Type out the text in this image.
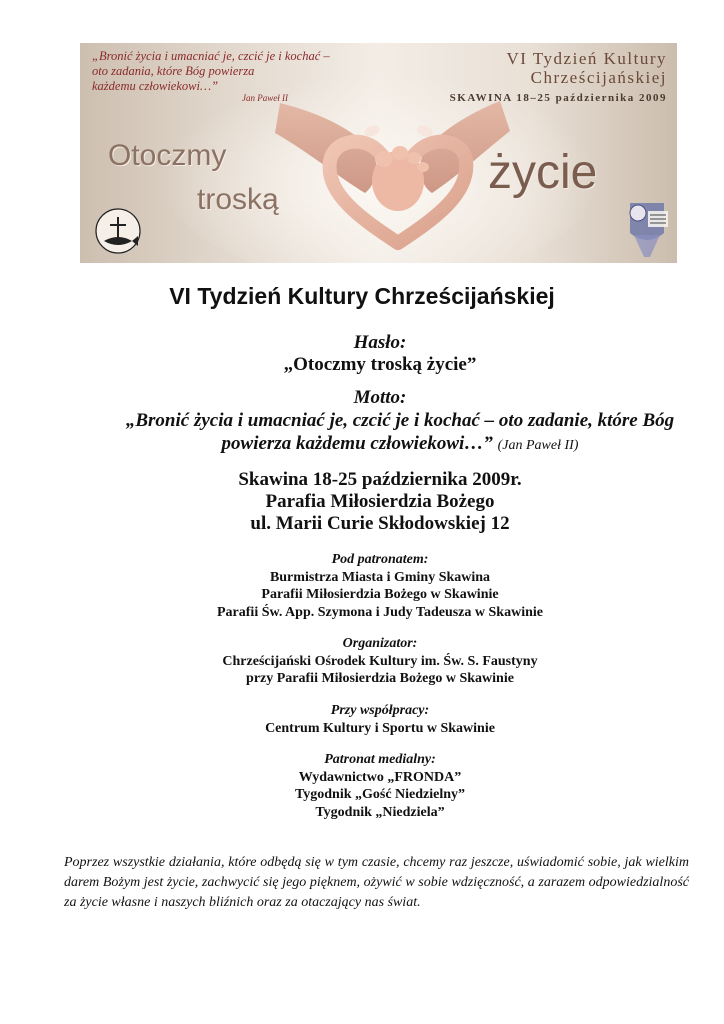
„Bronić życia i umacniać je, czcić je i kochać –
oto zadania, które Bóg powierza
każdemu człowiekowi…”
Jan Paweł II
VI Tydzień Kultury
Chrześcijańskiej
SKAWINA 18–25 października 2009
Otoczmy
troską
życie
VI Tydzień Kultury Chrześcijańskiej
Hasło:
„Otoczmy troską życie”
Motto:
„Bronić życia i umacniać je, czcić je i kochać – oto zadanie, które Bóg
powierza każdemu człowiekowi…” (Jan Paweł II)
Skawina 18-25 października 2009r.
Parafia Miłosierdzia Bożego
ul. Marii Curie Skłodowskiej 12
Pod patronatem:
Burmistrza Miasta i Gminy Skawina
Parafii Miłosierdzia Bożego w Skawinie
Parafii Św. App. Szymona i Judy Tadeusza w Skawinie
Organizator:
Chrześcijański Ośrodek Kultury im. Św. S. Faustyny
przy Parafii Miłosierdzia Bożego w Skawinie
Przy współpracy:
Centrum Kultury i Sportu w Skawinie
Patronat medialny:
Wydawnictwo „FRONDA”
Tygodnik „Gość Niedzielny”
Tygodnik „Niedziela”
Poprzez wszystkie działania, które odbędą się w tym czasie, chcemy raz jeszcze, uświadomić sobie, jak wielkim darem Bożym jest życie, zachwycić się jego pięknem, ożywić w sobie wdzięczność, a zarazem odpowiedzialność za życie własne i naszych bliźnich oraz za otaczający nas świat.
